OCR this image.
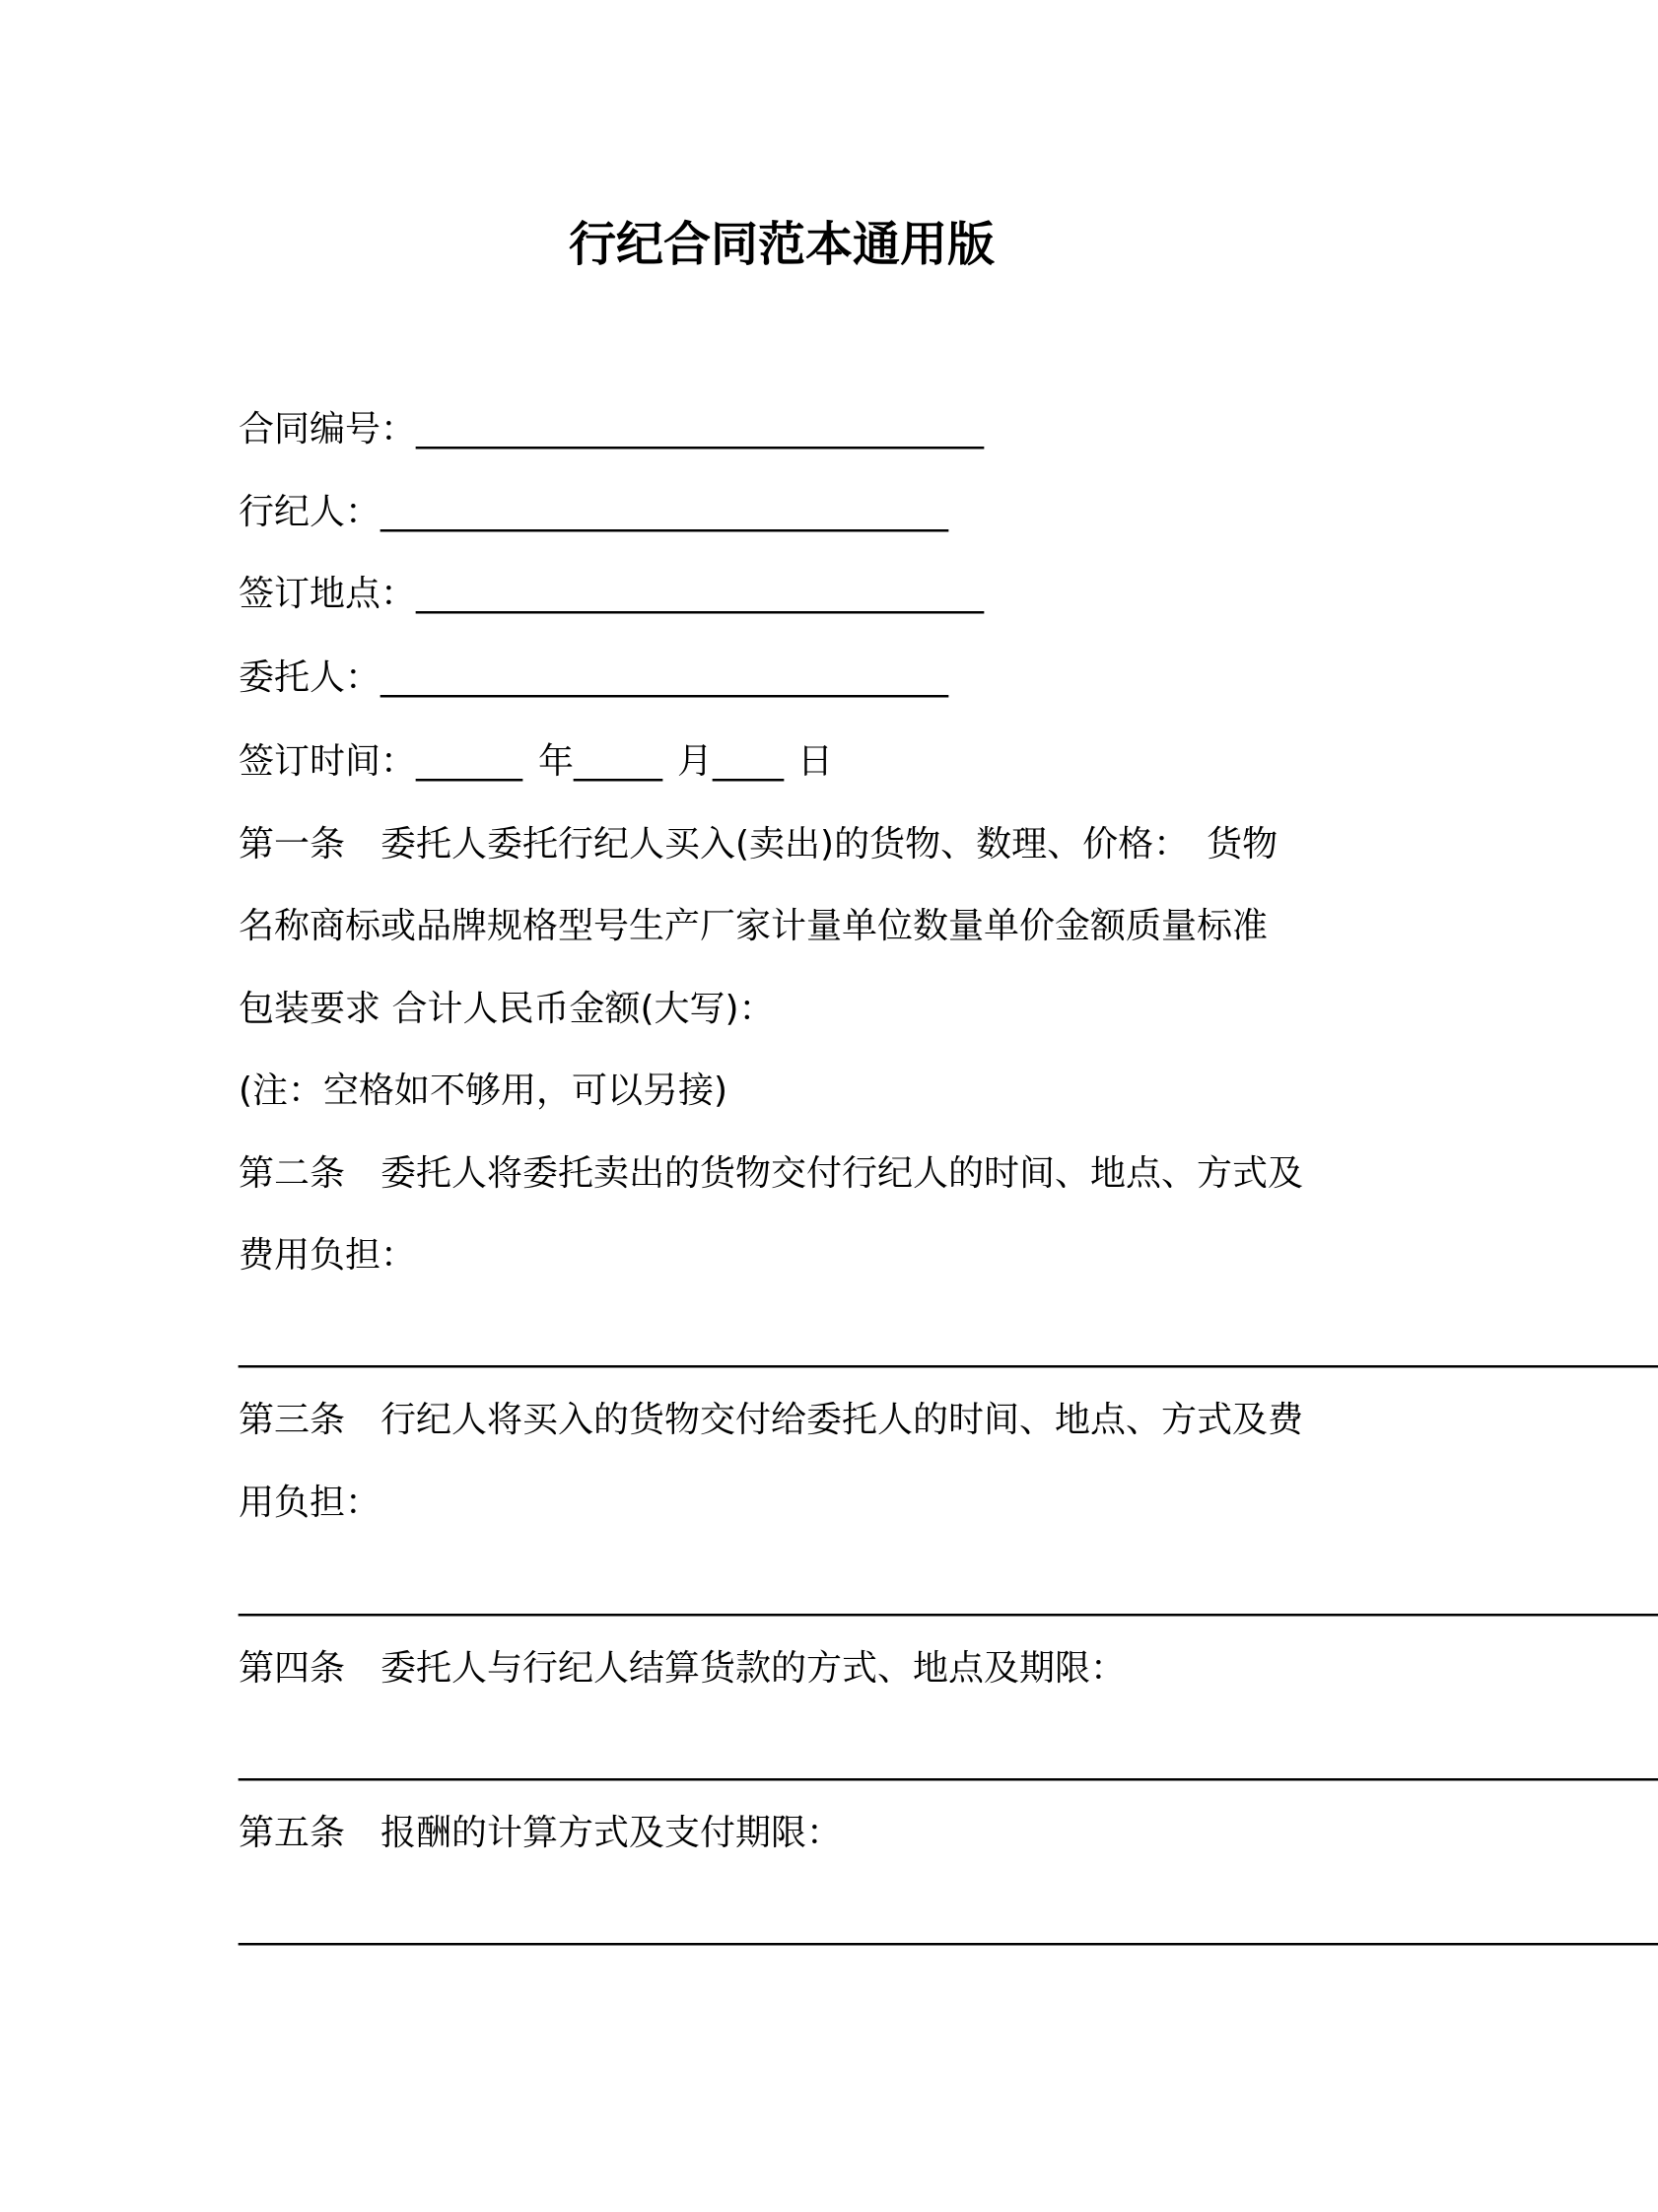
行纪合同范本通用版
合同编号：________________________________
行纪人：________________________________
签订地点：________________________________
委托人：________________________________
签订时间：______ 年_____ 月____ 日
第一条　委托人委托行纪人买入(卖出)的货物、数理、价格：　货物
名称商标或品牌规格型号生产厂家计量单位数量单价金额质量标准
包装要求 合计人民币金额(大写)：
(注：空格如不够用，可以另接)
第二条　委托人将委托卖出的货物交付行纪人的时间、地点、方式及
费用负担：
________________________________________________________________________________
第三条　行纪人将买入的货物交付给委托人的时间、地点、方式及费
用负担：
________________________________________________________________________________
第四条　委托人与行纪人结算货款的方式、地点及期限：
________________________________________________________________________________
第五条　报酬的计算方式及支付期限：
________________________________________________________________________________
